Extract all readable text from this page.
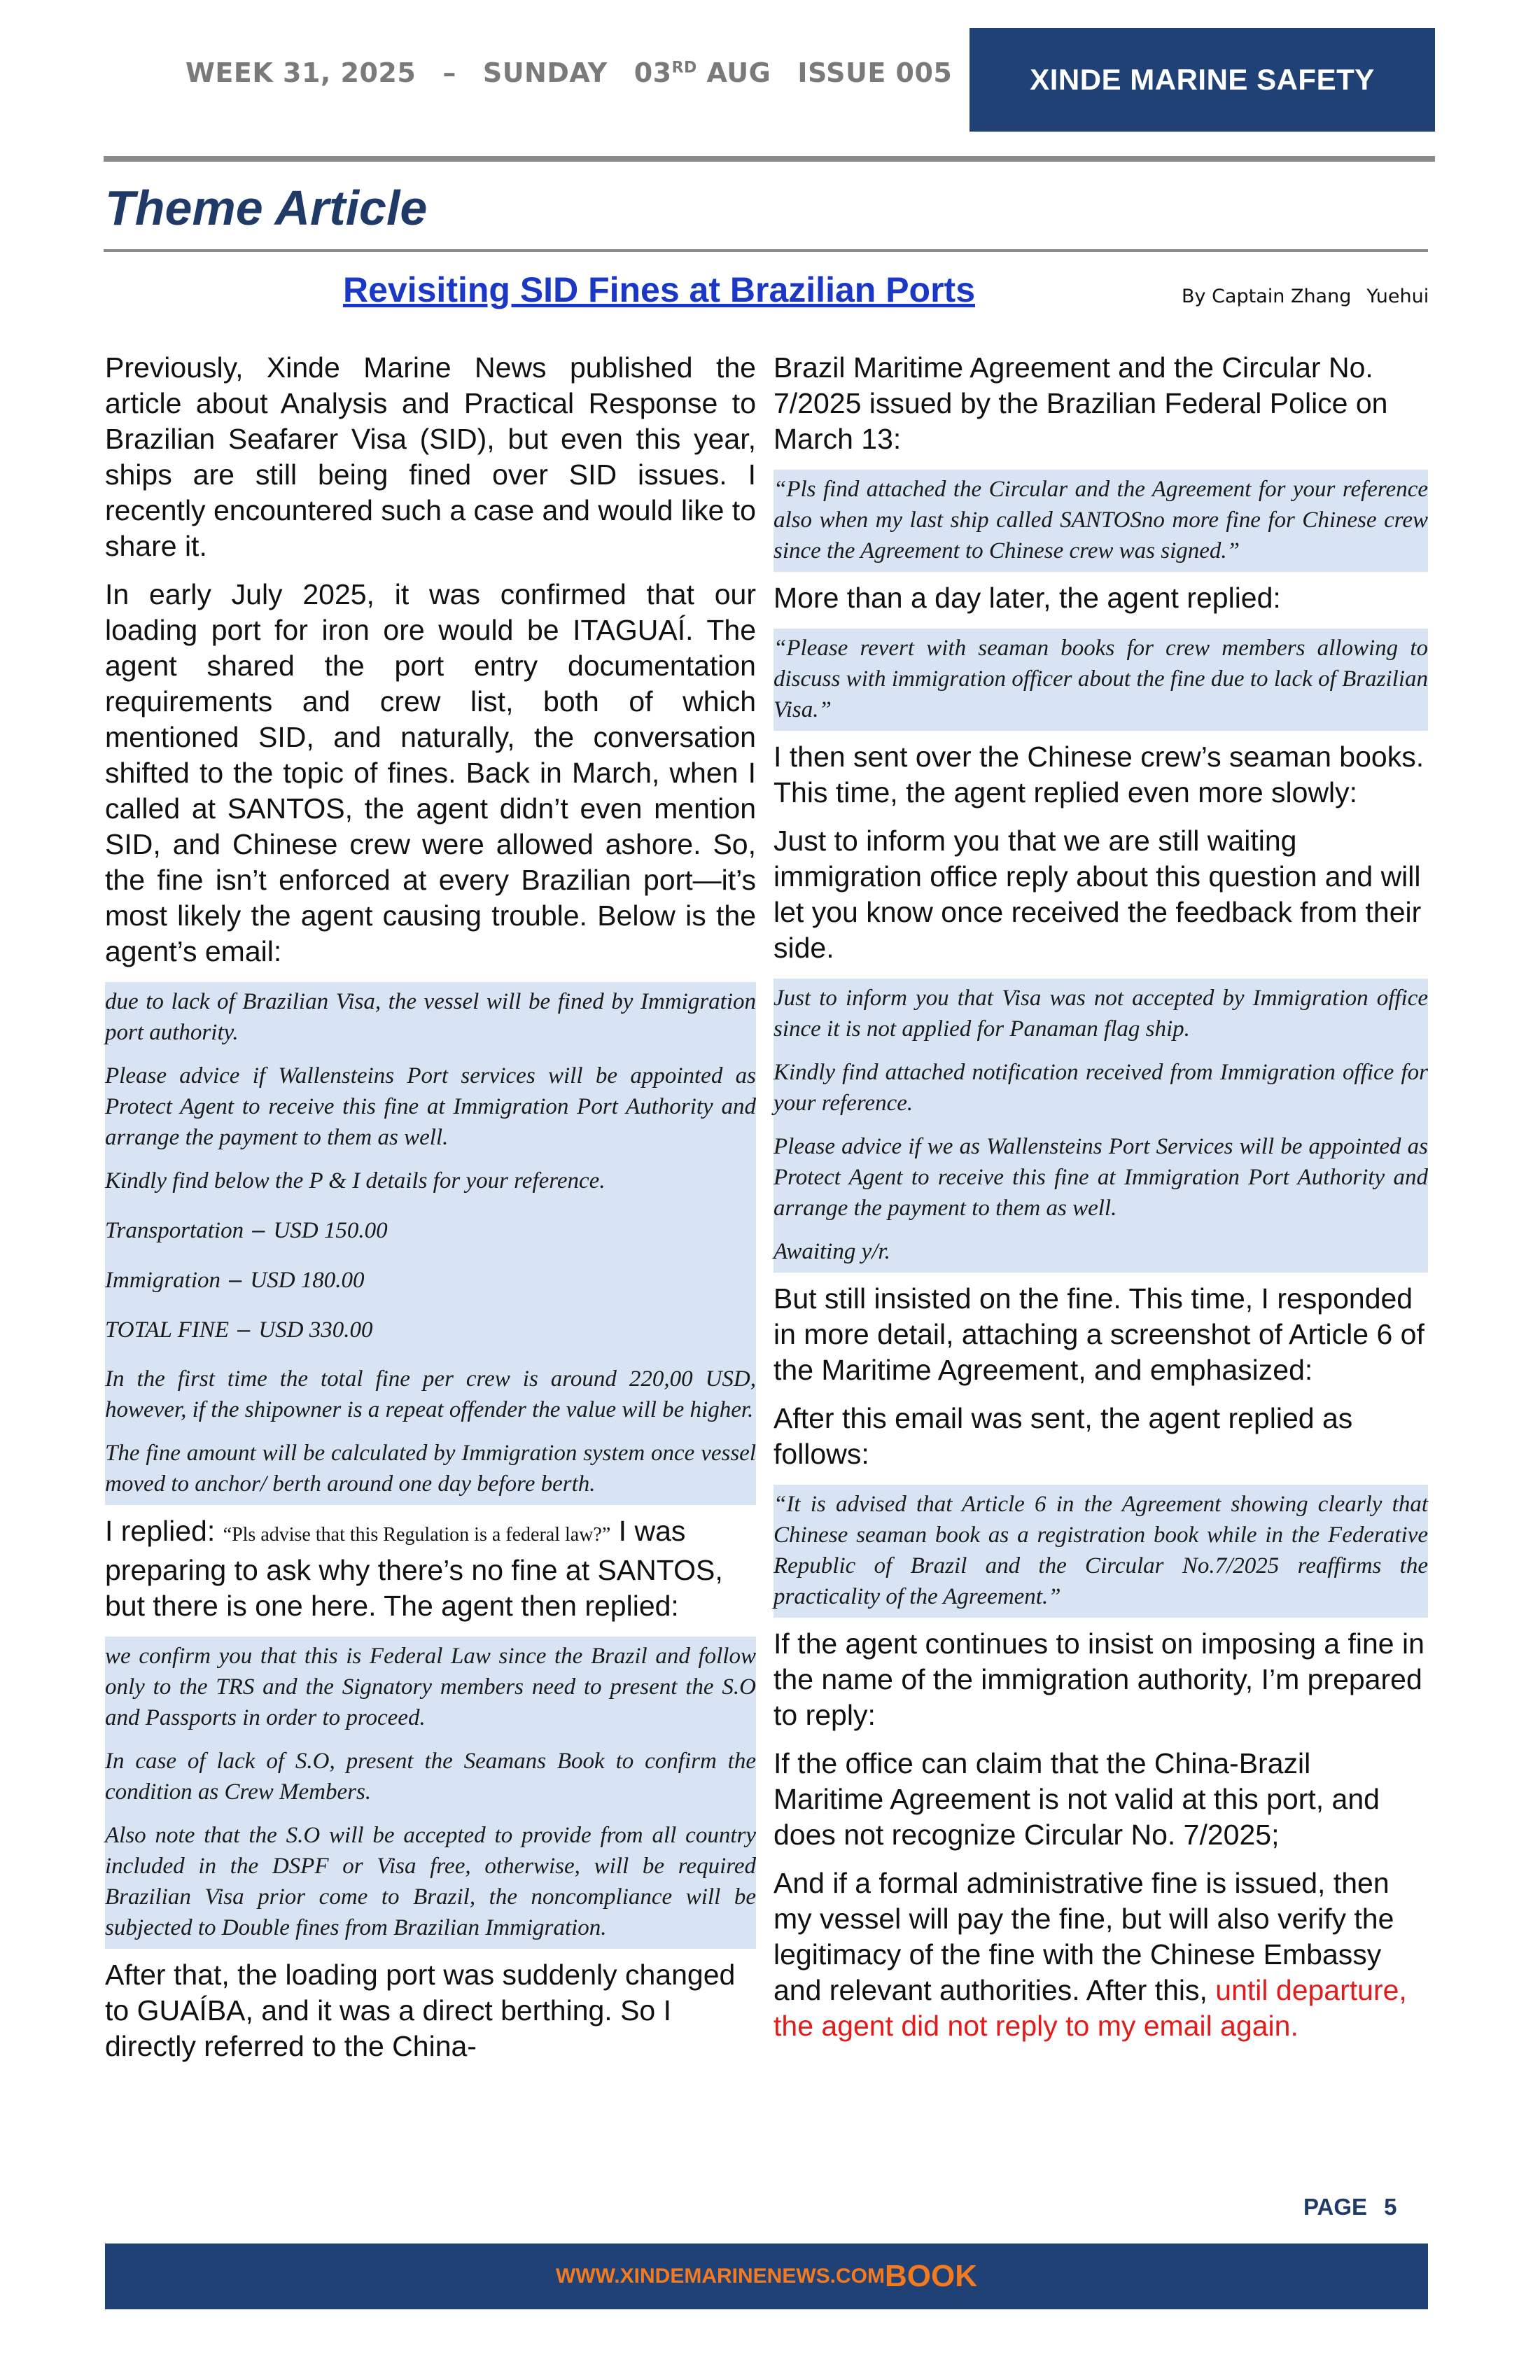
WEEK 31, 2025 – SUNDAY 03RD AUG ISSUE 005	XINDE MARINE SAFETY
Theme Article
Revisiting SID Fines at Brazilian Ports	By Captain Zhang Yuehui

Previously, Xinde Marine News published the article about Analysis and Practical Response to Brazilian Seafarer Visa (SID), but even this year, ships are still being fined over SID issues. I recently encountered such a case and would like to share it.

In early July 2025, it was confirmed that our loading port for iron ore would be ITAGUAÍ. The agent shared the port entry documentation requirements and crew list, both of which mentioned SID, and naturally, the conversation shifted to the topic of fines. Back in March, when I called at SANTOS, the agent didn’t even mention SID, and Chinese crew were allowed ashore. So, the fine isn’t enforced at every Brazilian port—it’s most likely the agent causing trouble. Below is the agent’s email:

due to lack of Brazilian Visa, the vessel will be fined by Immigration port authority.

Please advice if Wallensteins Port services will be appointed as Protect Agent to receive this fine at Immigration Port Authority and arrange the payment to them as well.

Kindly find below the P & I details for your reference.

Transportation – USD 150.00

Immigration – USD 180.00

TOTAL FINE – USD 330.00

In the first time the total fine per crew is around 220,00 USD, however, if the shipowner is a repeat offender the value will be higher.

The fine amount will be calculated by Immigration system once vessel moved to anchor/ berth around one day before berth.

I replied: “Pls advise that this Regulation is a federal law?” I was preparing to ask why there’s no fine at SANTOS, but there is one here. The agent then replied:

we confirm you that this is Federal Law since the Brazil and follow only to the TRS and the Signatory members need to present the S.O and Passports in order to proceed.

In case of lack of S.O, present the Seamans Book to confirm the condition as Crew Members.

Also note that the S.O will be accepted to provide from all country included in the DSPF or Visa free, otherwise, will be required Brazilian Visa prior come to Brazil, the noncompliance will be subjected to Double fines from Brazilian Immigration.

After that, the loading port was suddenly changed to GUAÍBA, and it was a direct berthing. So I directly referred to the China-

Brazil Maritime Agreement and the Circular No. 7/2025 issued by the Brazilian Federal Police on March 13:

“Pls find attached the Circular and the Agreement for your reference also when my last ship called SANTOSno more fine for Chinese crew since the Agreement to Chinese crew was signed.”

More than a day later, the agent replied:

“Please revert with seaman books for crew members allowing to discuss with immigration officer about the fine due to lack of Brazilian Visa.”

I then sent over the Chinese crew’s seaman books. This time, the agent replied even more slowly:

Just to inform you that we are still waiting immigration office reply about this question and will let you know once received the feedback from their side.

Just to inform you that Visa was not accepted by Immigration office since it is not applied for Panaman flag ship.

Kindly find attached notification received from Immigration office for your reference.

Please advice if we as Wallensteins Port Services will be appointed as Protect Agent to receive this fine at Immigration Port Authority and arrange the payment to them as well.

Awaiting y/r.

But still insisted on the fine. This time, I responded in more detail, attaching a screenshot of Article 6 of the Maritime Agreement, and emphasized:

After this email was sent, the agent replied as follows:

“It is advised that Article 6 in the Agreement showing clearly that Chinese seaman book as a registration book while in the Federative Republic of Brazil and the Circular No.7/2025 reaffirms the practicality of the Agreement.”

If the agent continues to insist on imposing a fine in the name of the immigration authority, I’m prepared to reply:

If the office can claim that the China-Brazil Maritime Agreement is not valid at this port, and does not recognize Circular No. 7/2025;

And if a formal administrative fine is issued, then my vessel will pay the fine, but will also verify the legitimacy of the fine with the Chinese Embassy and relevant authorities. After this, until departure, the agent did not reply to my email again.

PAGE 5
WWW.XINDEMARINENEWS.COM BOOK
